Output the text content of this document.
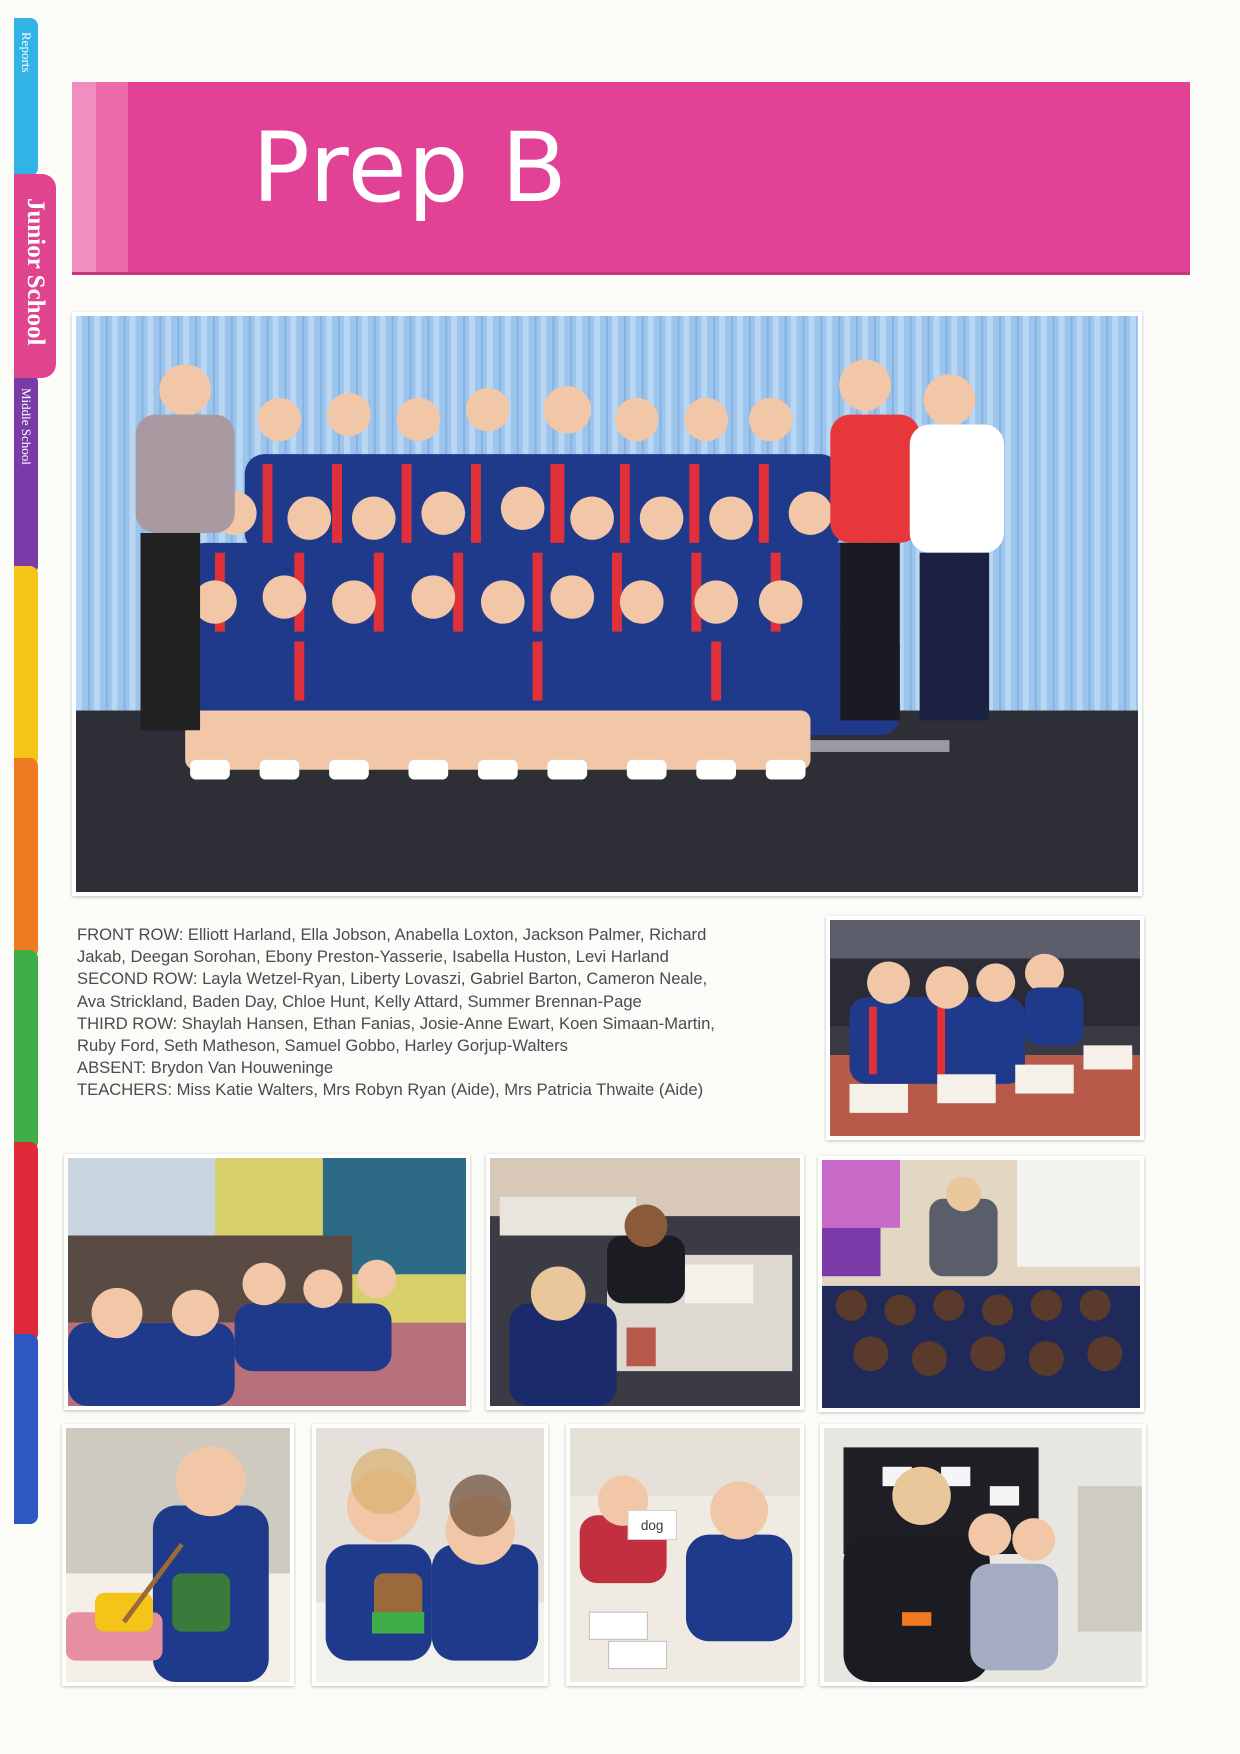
Reports
Middle School
Junior School
Prep B

FRONT ROW: Elliott Harland, Ella Jobson, Anabella Loxton, Jackson Palmer, Richard

Jakab, Deegan Sorohan, Ebony Preston-Yasserie, Isabella Huston, Levi Harland

SECOND ROW: Layla Wetzel-Ryan, Liberty Lovaszi, Gabriel Barton, Cameron Neale,

Ava Strickland, Baden Day, Chloe Hunt, Kelly Attard, Summer Brennan-Page

THIRD ROW: Shaylah Hansen, Ethan Fanias, Josie-Anne Ewart, Koen Simaan-Martin,

Ruby Ford, Seth Matheson, Samuel Gobbo, Harley Gorjup-Walters

ABSENT: Brydon Van Houweninge

TEACHERS: Miss Katie Walters, Mrs Robyn Ryan (Aide), Mrs Patricia Thwaite (Aide)

dog
